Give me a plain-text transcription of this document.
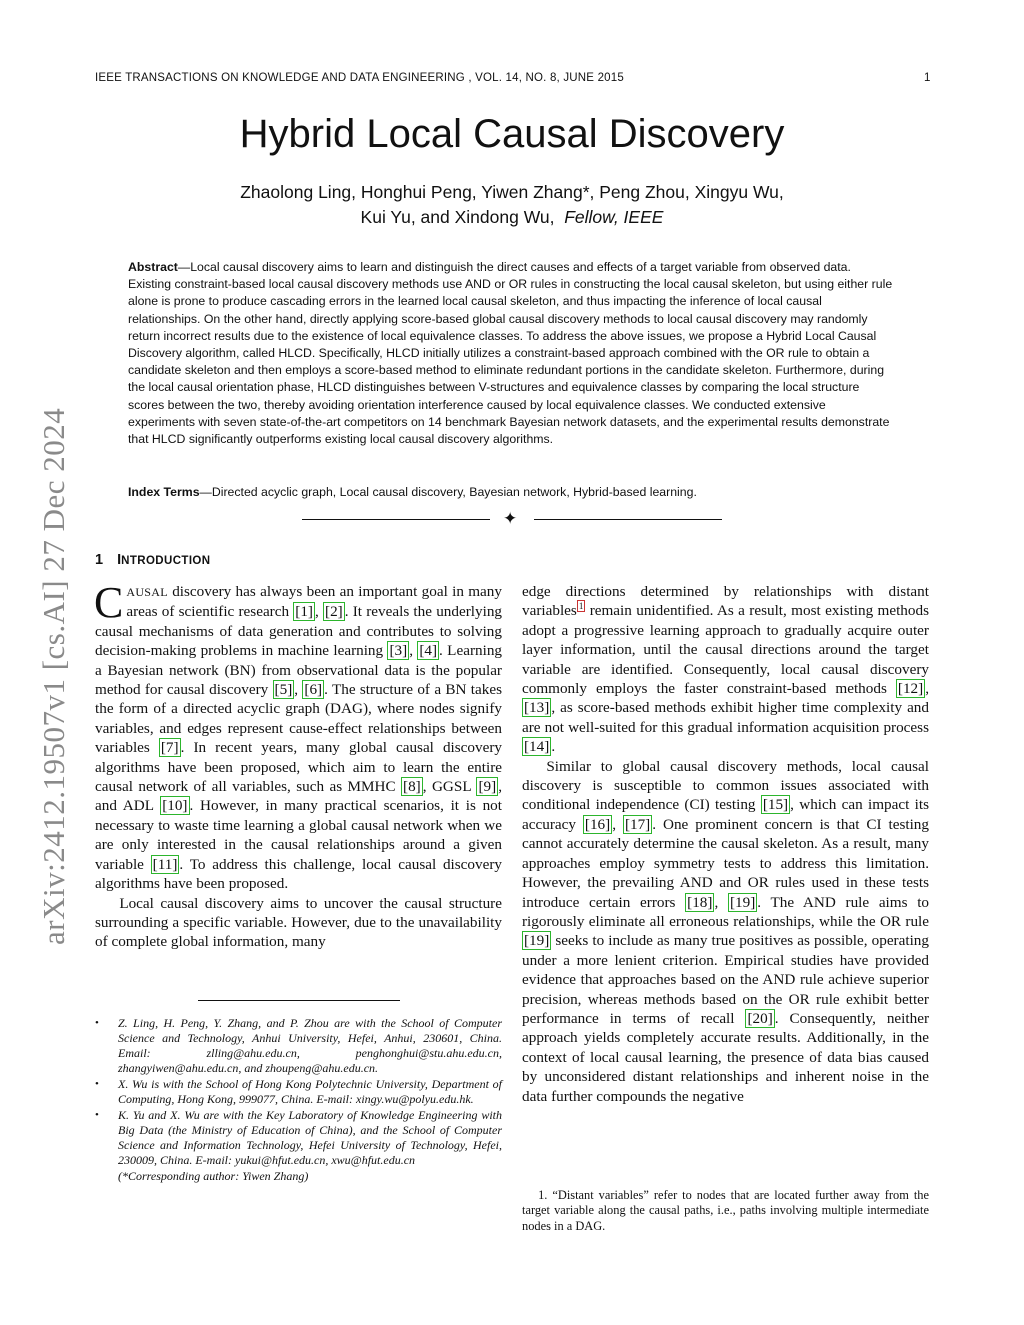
IEEE TRANSACTIONS ON KNOWLEDGE AND DATA ENGINEERING , VOL. 14, NO. 8, JUNE 2015	1
arXiv:2412.19507v1 [cs.AI] 27 Dec 2024
Hybrid Local Causal Discovery
Zhaolong Ling, Honghui Peng, Yiwen Zhang*, Peng Zhou, Xingyu Wu,
Kui Yu, and Xindong Wu, Fellow, IEEE
Abstract—Local causal discovery aims to learn and distinguish the direct causes and effects of a target variable from observed data. Existing constraint-based local causal discovery methods use AND or OR rules in constructing the local causal skeleton, but using either rule alone is prone to produce cascading errors in the learned local causal skeleton, and thus impacting the inference of local causal relationships. On the other hand, directly applying score-based global causal discovery methods to local causal discovery may randomly return incorrect results due to the existence of local equivalence classes. To address the above issues, we propose a Hybrid Local Causal Discovery algorithm, called HLCD. Specifically, HLCD initially utilizes a constraint-based approach combined with the OR rule to obtain a candidate skeleton and then employs a score-based method to eliminate redundant portions in the candidate skeleton. Furthermore, during the local causal orientation phase, HLCD distinguishes between V-structures and equivalence classes by comparing the local structure scores between the two, thereby avoiding orientation interference caused by local equivalence classes. We conducted extensive experiments with seven state-of-the-art competitors on 14 benchmark Bayesian network datasets, and the experimental results demonstrate that HLCD significantly outperforms existing local causal discovery algorithms.
Index Terms—Directed acyclic graph, Local causal discovery, Bayesian network, Hybrid-based learning.
✦
1 INTRODUCTION

CAUSAL discovery has always been an important goal in many areas of scientific research [1] , [2] . It reveals the underlying causal mechanisms of data generation and contributes to solving decision-making problems in machine learning [3] , [4] . Learning a Bayesian network (BN) from observational data is the popular method for causal discovery [5] , [6] . The structure of a BN takes the form of a directed acyclic graph (DAG), where nodes signify variables, and edges represent cause-effect relationships between variables [7] . In recent years, many global causal discovery algorithms have been proposed, which aim to learn the entire causal network of all variables, such as MMHC [8] , GGSL [9] , and ADL [10] . However, in many practical scenarios, it is not necessary to waste time learning a global causal network when we are only interested in the causal relationships around a given variable [11] . To address this challenge, local causal discovery algorithms have been proposed.

Local causal discovery aims to uncover the causal structure surrounding a specific variable. However, due to the unavailability of complete global information, many

edge directions determined by relationships with distant variables $^1$ remain unidentified. As a result, most existing methods adopt a progressive learning approach to gradually acquire outer layer information, until the causal directions around the target variable are identified. Consequently, local causal discovery commonly employs the faster constraint-based methods [12] , [13] , as score-based methods exhibit higher time complexity and are not well-suited for this gradual information acquisition process [14] .

Similar to global causal discovery methods, local causal discovery is susceptible to common issues associated with conditional independence (CI) testing [15] , which can impact its accuracy [16] , [17] . One prominent concern is that CI testing cannot accurately determine the causal skeleton. As a result, many approaches employ symmetry tests to address this limitation. However, the prevailing AND and OR rules used in these tests introduce certain errors [18] , [19] . The AND rule aims to rigorously eliminate all erroneous relationships, while the OR rule [19] seeks to include as many true positives as possible, operating under a more lenient criterion. Empirical studies have provided evidence that approaches based on the AND rule achieve superior precision, whereas methods based on the OR rule exhibit better performance in terms of recall [20] . Consequently, neither approach yields completely accurate results. Additionally, in the context of local causal learning, the presence of data bias caused by unconsidered distant relationships and inherent noise in the data further compounds the negative

• Z. Ling, H. Peng, Y. Zhang, and P. Zhou are with the School of Computer Science and Technology, Anhui University, Hefei, Anhui, 230601, China. Email: zlling@ahu.edu.cn, penghonghui@stu.ahu.edu.cn, zhangyiwen@ahu.edu.cn, and zhoupeng@ahu.edu.cn.
• X. Wu is with the School of Hong Kong Polytechnic University, Department of Computing, Hong Kong, 999077, China. E-mail: xingy.wu@polyu.edu.hk.
• K. Yu and X. Wu are with the Key Laboratory of Knowledge Engineering with Big Data (the Ministry of Education of China), and the School of Computer Science and Information Technology, Hefei University of Technology, Hefei, 230009, China. E-mail: yukui@hfut.edu.cn, xwu@hfut.edu.cn
(*Corresponding author: Yiwen Zhang)
1. “Distant variables” refer to nodes that are located further away from the target variable along the causal paths, i.e., paths involving multiple intermediate nodes in a DAG.
